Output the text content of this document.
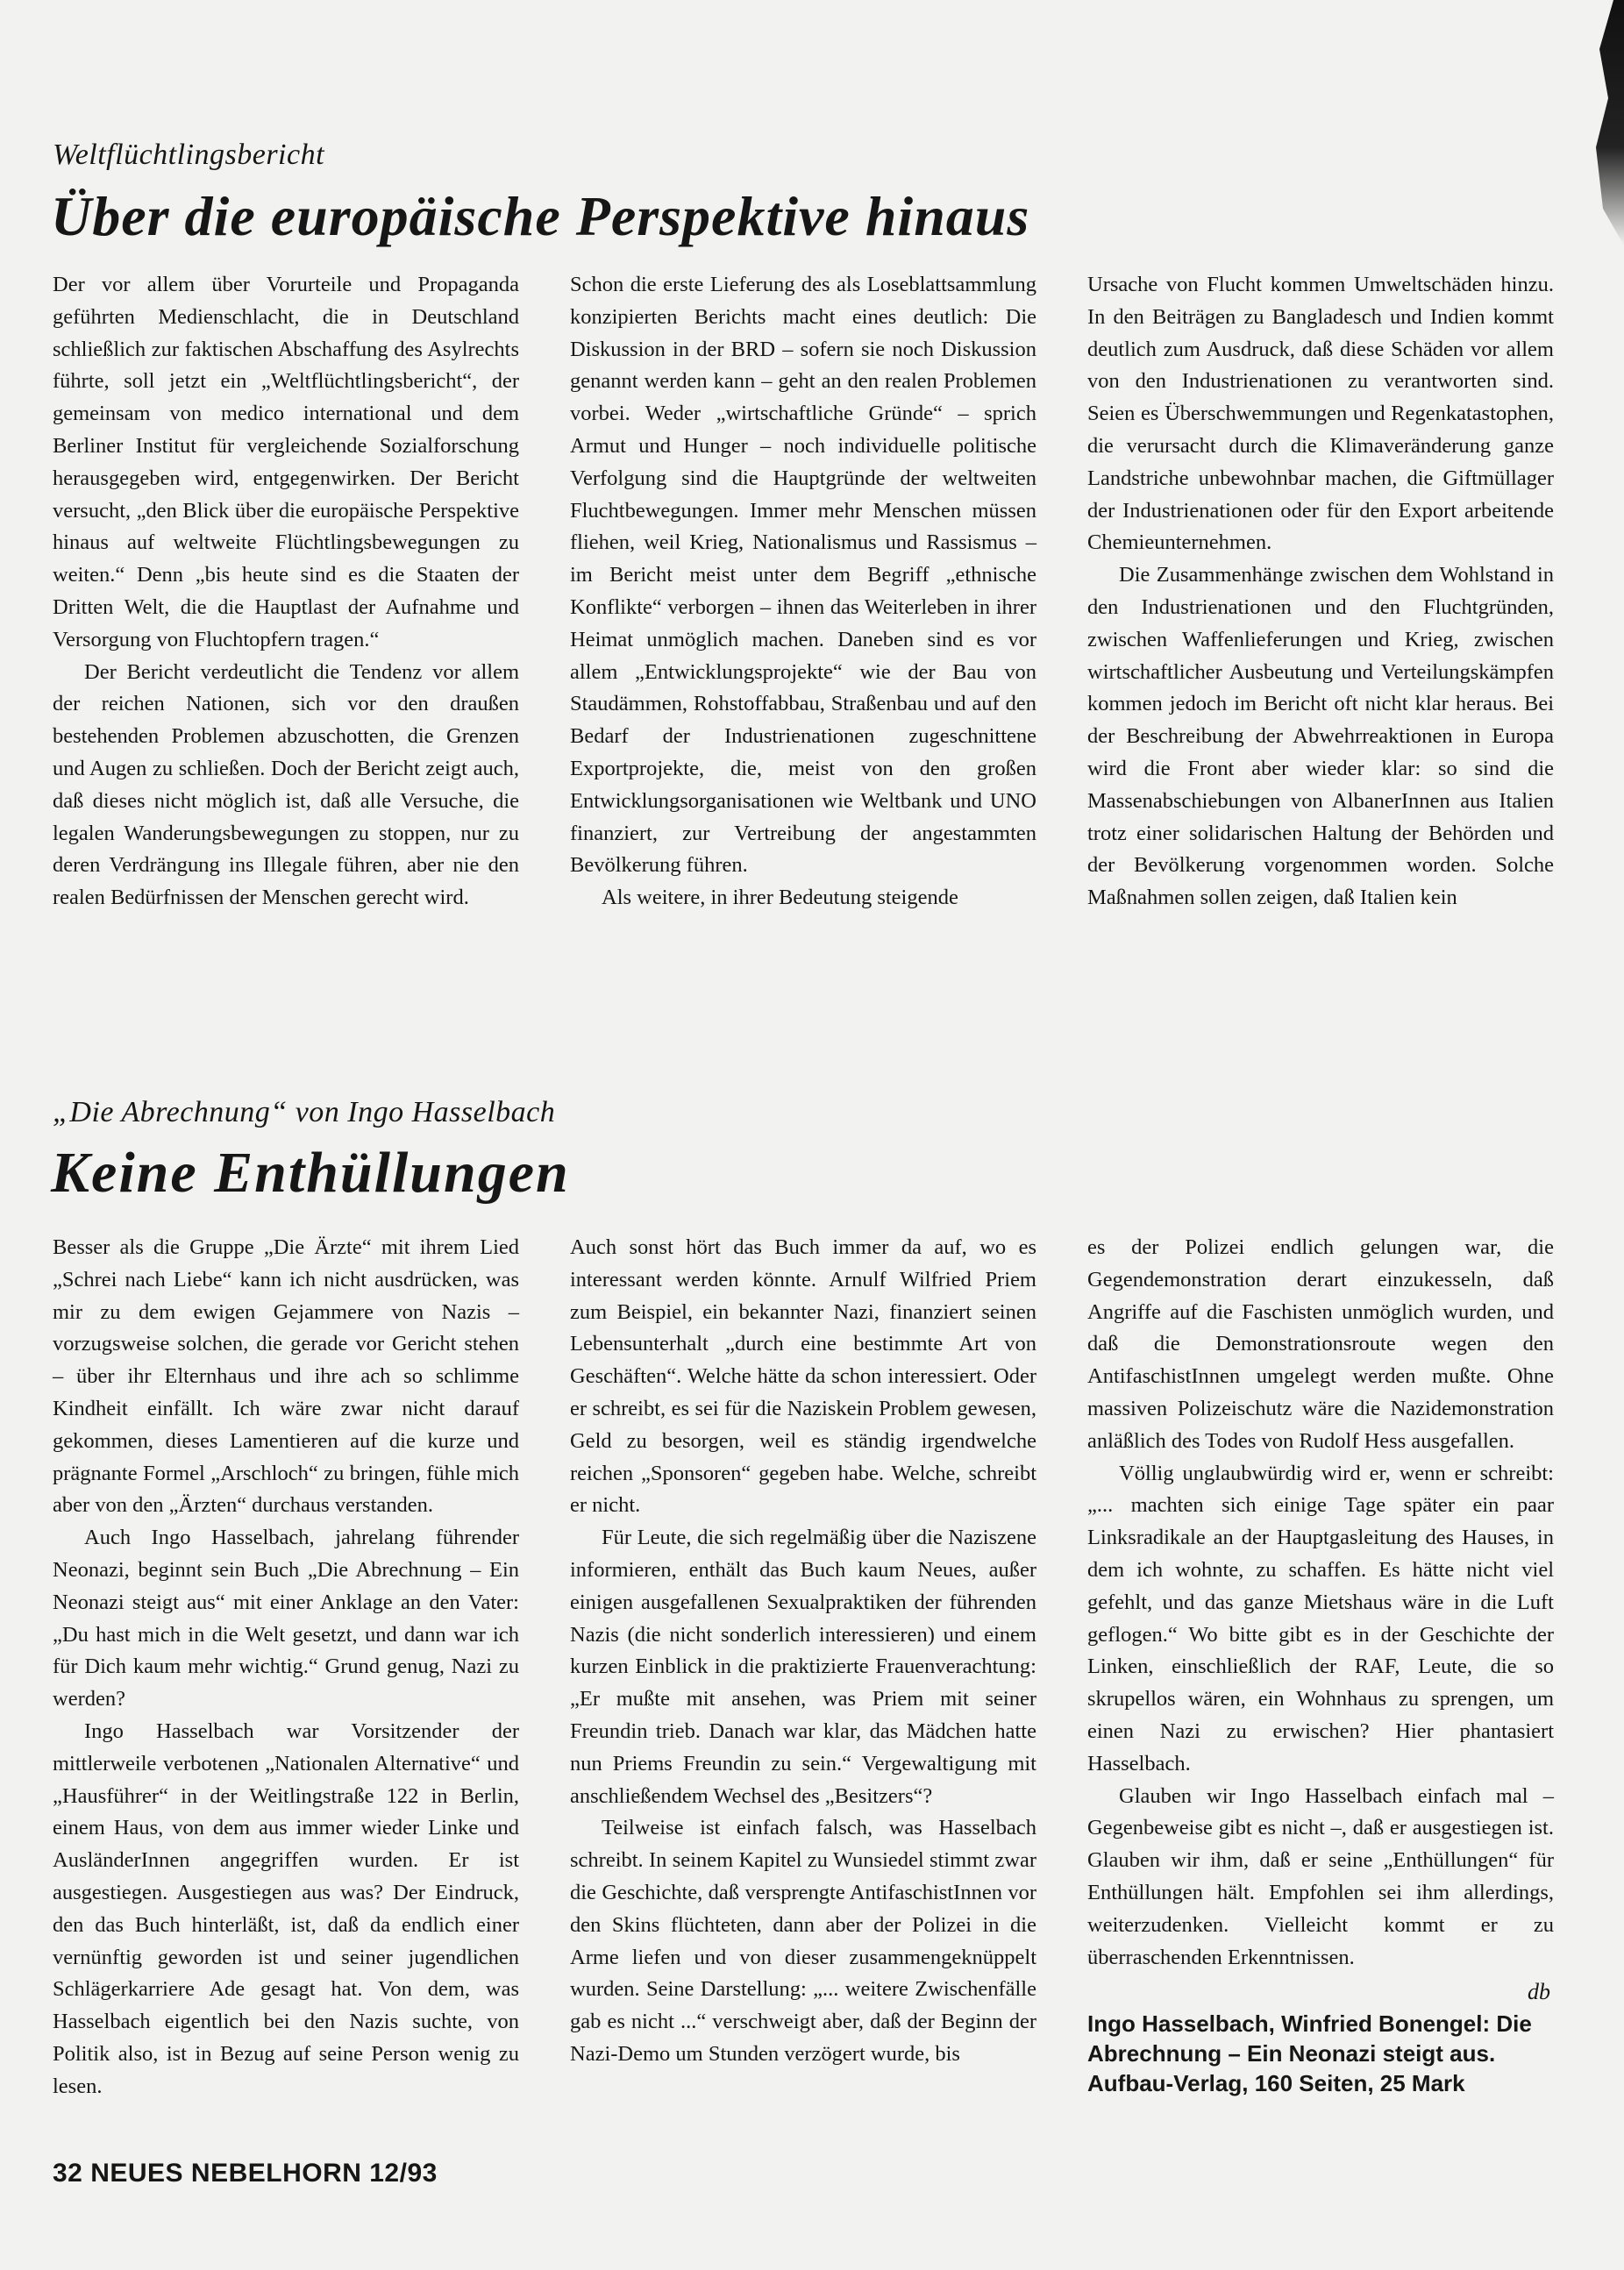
Weltflüchtlingsbericht
Über die europäische Perspektive hinaus

Der vor allem über Vorurteile und Propaganda geführten Medienschlacht, die in Deutschland schließlich zur faktischen Abschaffung des Asylrechts führte, soll jetzt ein „Weltflüchtlingsbericht“, der gemeinsam von medico international und dem Berliner Institut für vergleichende Sozialforschung herausgegeben wird, entgegenwirken. Der Bericht versucht, „den Blick über die europäische Perspektive hinaus auf weltweite Flüchtlingsbewegungen zu weiten.“ Denn „bis heute sind es die Staaten der Dritten Welt, die die Hauptlast der Aufnahme und Versorgung von Fluchtopfern tragen.“

Der Bericht verdeutlicht die Tendenz vor allem der reichen Nationen, sich vor den draußen bestehenden Problemen abzuschotten, die Grenzen und Augen zu schließen. Doch der Bericht zeigt auch, daß dieses nicht möglich ist, daß alle Versuche, die legalen Wanderungsbewegungen zu stoppen, nur zu deren Verdrängung ins Illegale führen, aber nie den realen Bedürfnissen der Menschen gerecht wird.

Schon die erste Lieferung des als Loseblattsammlung konzipierten Berichts macht eines deutlich: Die Diskussion in der BRD – sofern sie noch Diskussion genannt werden kann – geht an den realen Problemen vorbei. Weder „wirtschaftliche Gründe“ – sprich Armut und Hunger – noch individuelle politische Verfolgung sind die Hauptgründe der weltweiten Fluchtbewegungen. Immer mehr Menschen müssen fliehen, weil Krieg, Nationalismus und Rassismus – im Bericht meist unter dem Begriff „ethnische Konflikte“ verborgen – ihnen das Weiterleben in ihrer Heimat unmöglich machen. Daneben sind es vor allem „Entwicklungsprojekte“ wie der Bau von Staudämmen, Rohstoffabbau, Straßenbau und auf den Bedarf der Industrienationen zugeschnittene Exportprojekte, die, meist von den großen Entwicklungsorganisationen wie Weltbank und UNO finanziert, zur Vertreibung der angestammten Bevölkerung führen.

Als weitere, in ihrer Bedeutung steigende

Ursache von Flucht kommen Umweltschäden hinzu. In den Beiträgen zu Bangladesch und Indien kommt deutlich zum Ausdruck, daß diese Schäden vor allem von den Industrienationen zu verantworten sind. Seien es Überschwemmungen und Regenkatastophen, die verursacht durch die Klimaveränderung ganze Landstriche unbewohnbar machen, die Giftmüllager der Industrienationen oder für den Export arbeitende Chemieunternehmen.

Die Zusammenhänge zwischen dem Wohlstand in den Industrienationen und den Fluchtgründen, zwischen Waffenlieferungen und Krieg, zwischen wirtschaftlicher Ausbeutung und Verteilungskämpfen kommen jedoch im Bericht oft nicht klar heraus. Bei der Beschreibung der Abwehrreaktionen in Europa wird die Front aber wieder klar: so sind die Massenabschiebungen von AlbanerInnen aus Italien trotz einer solidarischen Haltung der Behörden und der Bevölkerung vorgenommen worden. Solche Maßnahmen sollen zeigen, daß Italien kein

„Die Abrechnung“ von Ingo Hasselbach
Keine Enthüllungen

Besser als die Gruppe „Die Ärzte“ mit ihrem Lied „Schrei nach Liebe“ kann ich nicht ausdrücken, was mir zu dem ewigen Gejammere von Nazis – vorzugsweise solchen, die gerade vor Gericht stehen – über ihr Elternhaus und ihre ach so schlimme Kindheit einfällt. Ich wäre zwar nicht darauf gekommen, dieses Lamentieren auf die kurze und prägnante Formel „Arschloch“ zu bringen, fühle mich aber von den „Ärzten“ durchaus verstanden.

Auch Ingo Hasselbach, jahrelang führender Neonazi, beginnt sein Buch „Die Abrechnung – Ein Neonazi steigt aus“ mit einer Anklage an den Vater: „Du hast mich in die Welt gesetzt, und dann war ich für Dich kaum mehr wichtig.“ Grund genug, Nazi zu werden?

Ingo Hasselbach war Vorsitzender der mittlerweile verbotenen „Nationalen Alternative“ und „Hausführer“ in der Weitlingstraße 122 in Berlin, einem Haus, von dem aus immer wieder Linke und AusländerInnen angegriffen wurden. Er ist ausgestiegen. Ausgestiegen aus was? Der Eindruck, den das Buch hinterläßt, ist, daß da endlich einer vernünftig geworden ist und seiner jugendlichen Schlägerkarriere Ade gesagt hat. Von dem, was Hasselbach eigentlich bei den Nazis suchte, von Politik also, ist in Bezug auf seine Person wenig zu lesen.

Auch sonst hört das Buch immer da auf, wo es interessant werden könnte. Arnulf Wilfried Priem zum Beispiel, ein bekannter Nazi, finanziert seinen Lebensunterhalt „durch eine bestimmte Art von Geschäften“. Welche hätte da schon interessiert. Oder er schreibt, es sei für die Naziskein Problem gewesen, Geld zu besorgen, weil es ständig irgendwelche reichen „Sponsoren“ gegeben habe. Welche, schreibt er nicht.

Für Leute, die sich regelmäßig über die Naziszene informieren, enthält das Buch kaum Neues, außer einigen ausgefallenen Sexualpraktiken der führenden Nazis (die nicht sonderlich interessieren) und einem kurzen Einblick in die praktizierte Frauenverachtung: „Er mußte mit ansehen, was Priem mit seiner Freundin trieb. Danach war klar, das Mädchen hatte nun Priems Freundin zu sein.“ Vergewaltigung mit anschließendem Wechsel des „Besitzers“?

Teilweise ist einfach falsch, was Hasselbach schreibt. In seinem Kapitel zu Wunsiedel stimmt zwar die Geschichte, daß versprengte AntifaschistInnen vor den Skins flüchteten, dann aber der Polizei in die Arme liefen und von dieser zusammengeknüppelt wurden. Seine Darstellung: „... weitere Zwischenfälle gab es nicht ...“ verschweigt aber, daß der Beginn der Nazi-Demo um Stunden verzögert wurde, bis

es der Polizei endlich gelungen war, die Gegendemonstration derart einzukesseln, daß Angriffe auf die Faschisten unmöglich wurden, und daß die Demonstrationsroute wegen den AntifaschistInnen umgelegt werden mußte. Ohne massiven Polizeischutz wäre die Nazidemonstration anläßlich des Todes von Rudolf Hess ausgefallen.

Völlig unglaubwürdig wird er, wenn er schreibt: „... machten sich einige Tage später ein paar Linksradikale an der Hauptgasleitung des Hauses, in dem ich wohnte, zu schaffen. Es hätte nicht viel gefehlt, und das ganze Mietshaus wäre in die Luft geflogen.“ Wo bitte gibt es in der Geschichte der Linken, einschließlich der RAF, Leute, die so skrupellos wären, ein Wohnhaus zu sprengen, um einen Nazi zu erwischen? Hier phantasiert Hasselbach.

Glauben wir Ingo Hasselbach einfach mal – Gegenbeweise gibt es nicht –, daß er ausgestiegen ist. Glauben wir ihm, daß er seine „Enthüllungen“ für Enthüllungen hält. Empfohlen sei ihm allerdings, weiterzudenken. Vielleicht kommt er zu überraschenden Erkenntnissen.

db

Ingo Hasselbach, Winfried Bonengel: Die Abrechnung – Ein Neonazi steigt aus. Aufbau-Verlag, 160 Seiten, 25 Mark

32 NEUES NEBELHORN 12/93
